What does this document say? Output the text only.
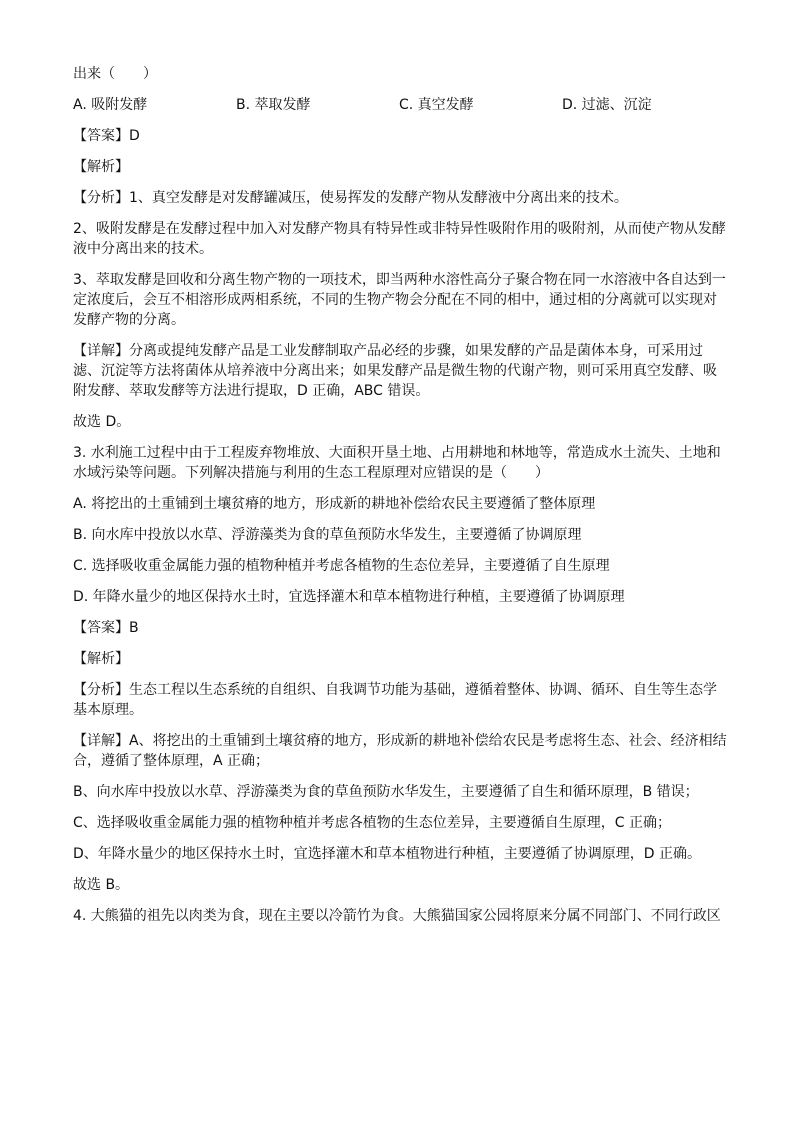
出来（　　）
A. 吸附发酵	B. 萃取发酵	C. 真空发酵	D. 过滤、沉淀
【答案】D
【解析】
【分析】1、真空发酵是对发酵罐减压，使易挥发的发酵产物从发酵液中分离出来的技术。
2、吸附发酵是在发酵过程中加入对发酵产物具有特异性或非特异性吸附作用的吸附剂，从而使产物从发酵液中分离出来的技术。
3、萃取发酵是回收和分离生物产物的一项技术，即当两种水溶性高分子聚合物在同一水溶液中各自达到一定浓度后，会互不相溶形成两相系统，不同的生物产物会分配在不同的相中，通过相的分离就可以实现对发酵产物的分离。
【详解】分离或提纯发酵产品是工业发酵制取产品必经的步骤，如果发酵的产品是菌体本身，可采用过滤、沉淀等方法将菌体从培养液中分离出来；如果发酵产品是微生物的代谢产物，则可采用真空发酵、吸附发酵、萃取发酵等方法进行提取，D 正确，ABC 错误。
故选 D。
3. 水利施工过程中由于工程废弃物堆放、大面积开垦土地、占用耕地和林地等，常造成水土流失、土地和水域污染等问题。下列解决措施与利用的生态工程原理对应错误的是（　　）
A. 将挖出的土重铺到土壤贫瘠的地方，形成新的耕地补偿给农民主要遵循了整体原理
B. 向水库中投放以水草、浮游藻类为食的草鱼预防水华发生，主要遵循了协调原理
C. 选择吸收重金属能力强的植物种植并考虑各植物的生态位差异，主要遵循了自生原理
D. 年降水量少的地区保持水土时，宜选择灌木和草本植物进行种植，主要遵循了协调原理
【答案】B
【解析】
【分析】生态工程以生态系统的自组织、自我调节功能为基础，遵循着整体、协调、循环、自生等生态学基本原理。
【详解】A、将挖出的土重铺到土壤贫瘠的地方，形成新的耕地补偿给农民是考虑将生态、社会、经济相结合，遵循了整体原理，A 正确；
B、向水库中投放以水草、浮游藻类为食的草鱼预防水华发生，主要遵循了自生和循环原理，B 错误；
C、选择吸收重金属能力强的植物种植并考虑各植物的生态位差异，主要遵循自生原理，C 正确；
D、年降水量少的地区保持水土时，宜选择灌木和草本植物进行种植，主要遵循了协调原理，D 正确。
故选 B。
4. 大熊猫的祖先以肉类为食，现在主要以冷箭竹为食。大熊猫国家公园将原来分属不同部门、不同行政区
